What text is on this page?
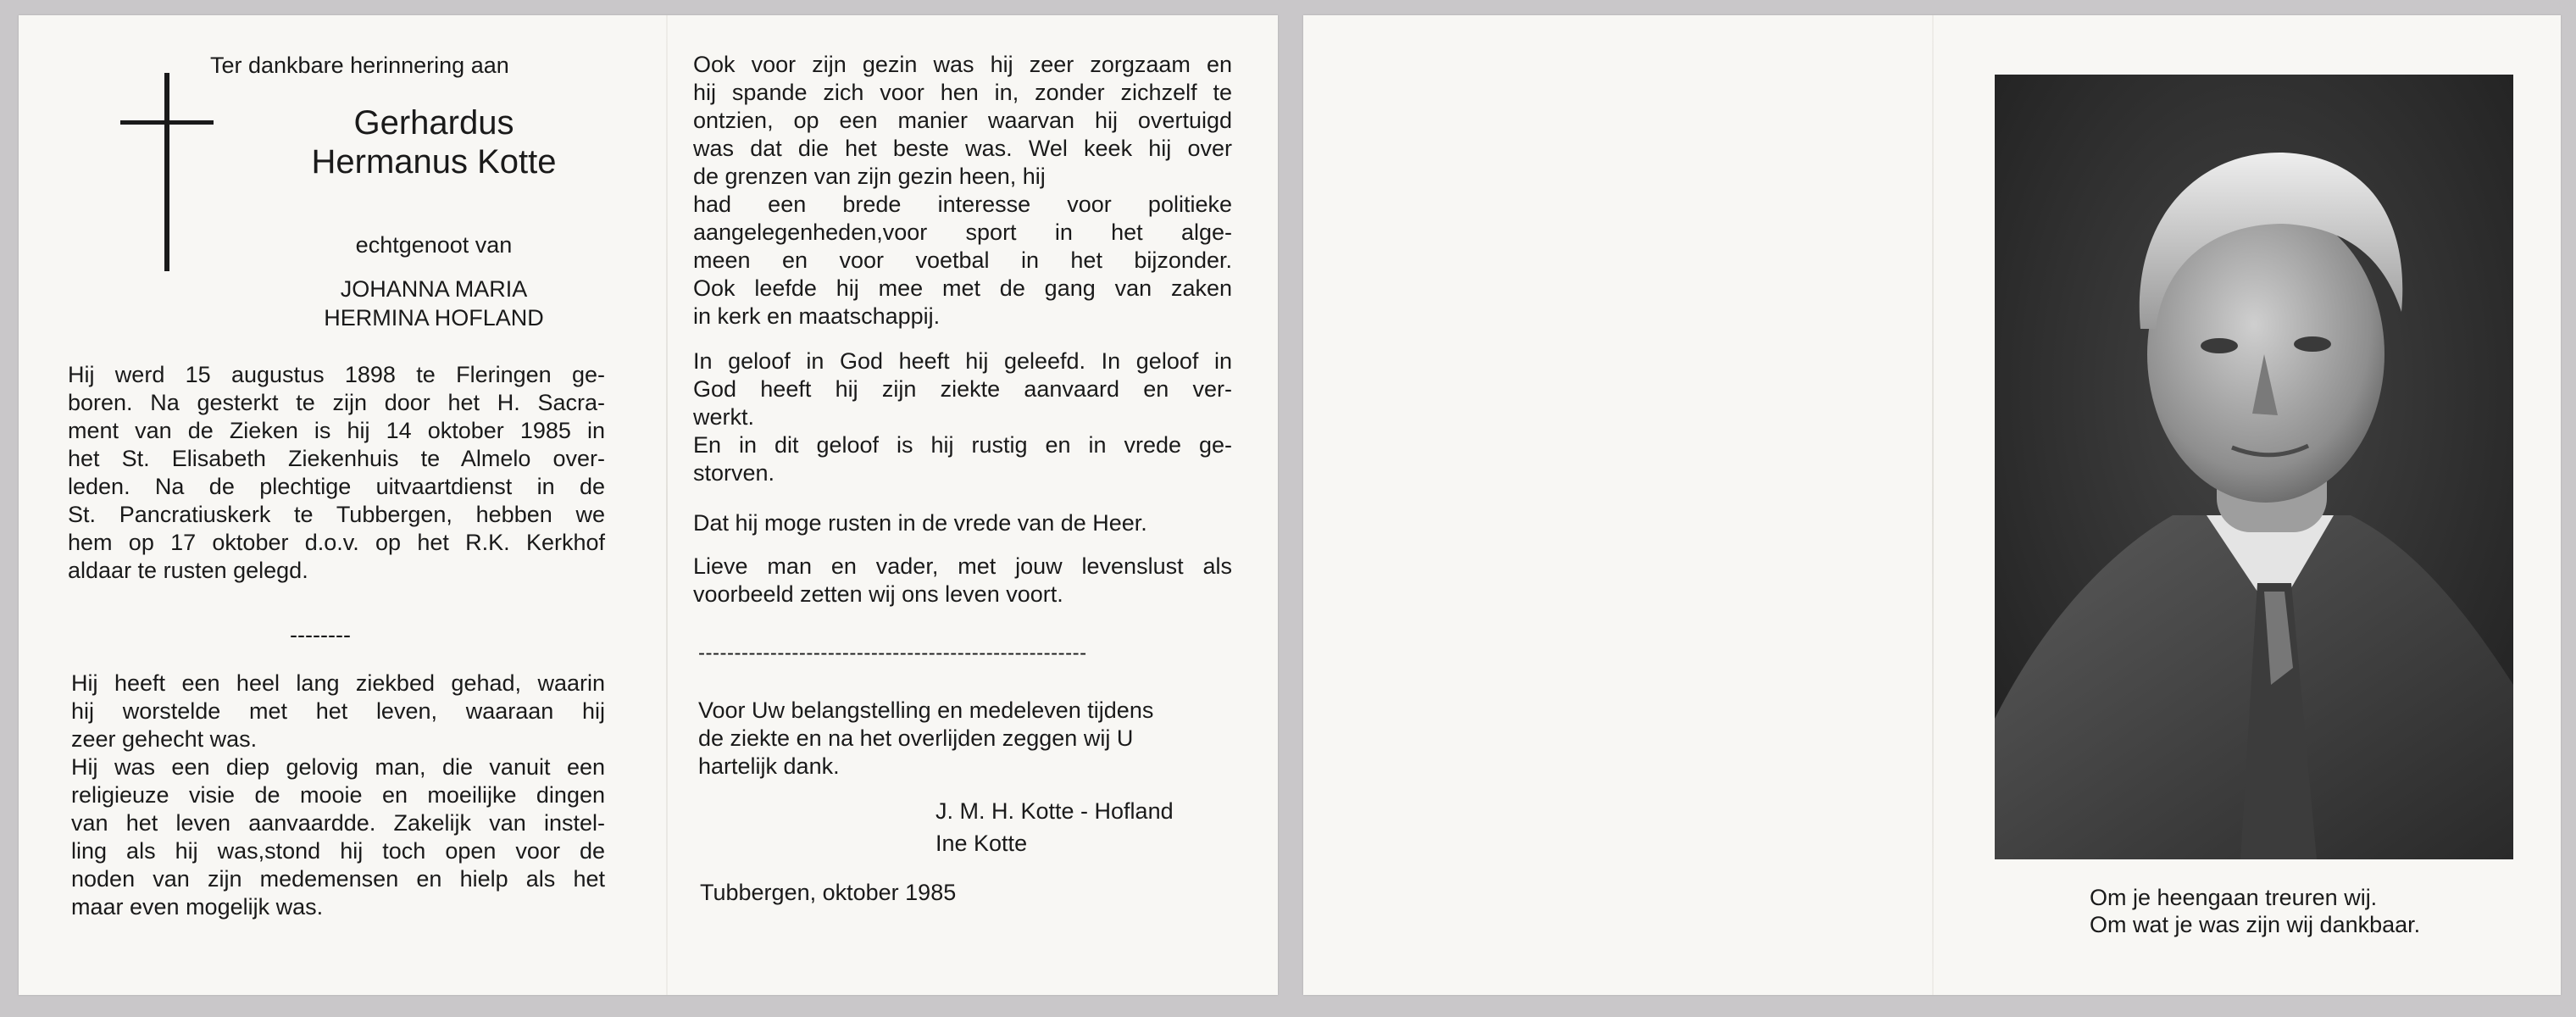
Ter dankbare herinnering aan

Gerhardus

Hermanus Kotte

echtgenoot van

JOHANNA MARIA

HERMINA HOFLAND

Hij werd 15 augustus 1898 te Fleringen ge-
boren. Na gesterkt te zijn door het H. Sacra-
ment van de Zieken is hij 14 oktober 1985 in
het St. Elisabeth Ziekenhuis te Almelo over-
leden. Na de plechtige uitvaartdienst in de
St. Pancratiuskerk te Tubbergen, hebben we
hem op 17 oktober d.o.v. op het R.K. Kerkhof
aldaar te rusten gelegd.

--------

Hij heeft een heel lang ziekbed gehad, waarin
hij worstelde met het leven, waaraan hij
zeer gehecht was.
Hij was een diep gelovig man, die vanuit een
religieuze visie de mooie en moeilijke dingen
van het leven aanvaardde. Zakelijk van instel-
ling als hij was,stond hij toch open voor de
noden van zijn medemensen en hielp als het
maar even mogelijk was.
Ook voor zijn gezin was hij zeer zorgzaam en
hij spande zich voor hen in, zonder zichzelf te
ontzien, op een manier waarvan hij overtuigd
was dat die het beste was. Wel keek hij over
de grenzen van zijn gezin heen, hij
had een brede interesse voor politieke
aangelegenheden,voor sport in het alge-
meen en voor voetbal in het bijzonder.
Ook leefde hij mee met de gang van zaken
in kerk en maatschappij.
In geloof in God heeft hij geleefd. In geloof in
God heeft hij zijn ziekte aanvaard en ver-
werkt.
En in dit geloof is hij rustig en in vrede ge-
storven.

Dat hij moge rusten in de vrede van de Heer.

Lieve man en vader, met jouw levenslust als
voorbeeld zetten wij ons leven voort.

------------------------------------------------------

Voor Uw belangstelling en medeleven tijdens
de ziekte en na het overlijden zeggen wij U
hartelijk dank.

J. M. H. Kotte - Hofland

Ine Kotte

Tubbergen, oktober 1985	Om je heengaan treuren wij.

Om wat je was zijn wij dankbaar.
